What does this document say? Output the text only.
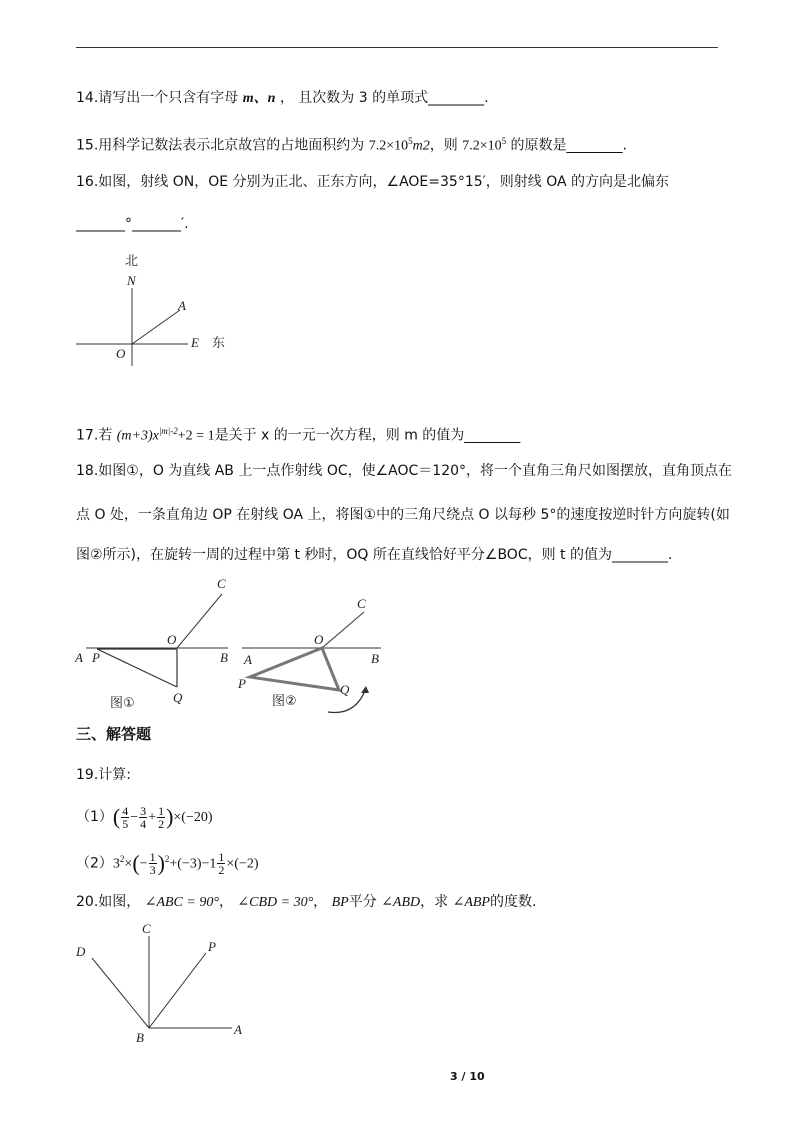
14.请写出一个只含有字母 m、n ， 且次数为 3 的单项式________.
15.用科学记数法表示北京故宫的占地面积约为 $7.2\times 10^5m2$，则 $7.2\times 10^5$ 的原数是________.
16.如图，射线 ON，OE 分别为正北、正东方向，∠AOE=35°15′，则射线 OA 的方向是北偏东
_______°_______′.
北
N
A
O
E 东
17.若 $(m+3)x^{|m|-2}+2 = 1$是关于 x 的一元一次方程，则 m 的值为________
18.如图①，O 为直线 AB 上一点作射线 OC，使∠AOC＝120°，将一个直角三角尺如图摆放，直角顶点在
点 O 处，一条直角边 OP 在射线 OA 上，将图①中的三角尺绕点 O 以每秒 5°的速度按逆时针方向旋转(如
图②所示)，在旋转一周的过程中第 t 秒时，OQ 所在直线恰好平分∠BOC，则 t 的值为________.
C
O
A P	B
Q
图①
C
O
A
P
B
Q
图②
三、解答题
19.计算:
$(1)( \frac{4}{5} - \frac{3}{4} + \frac{1}{2} )\times(-20)$
$(2)3^2\times(- \frac{1}{3} )^2+(-3)-1 \frac{1}{2} \times(-2)$
20.如图， ∠ABC = 90°， ∠CBD = 30°， BP平分 ∠ABD，求 ∠ABP的度数.
D
C
P
B
A
3 / 10
